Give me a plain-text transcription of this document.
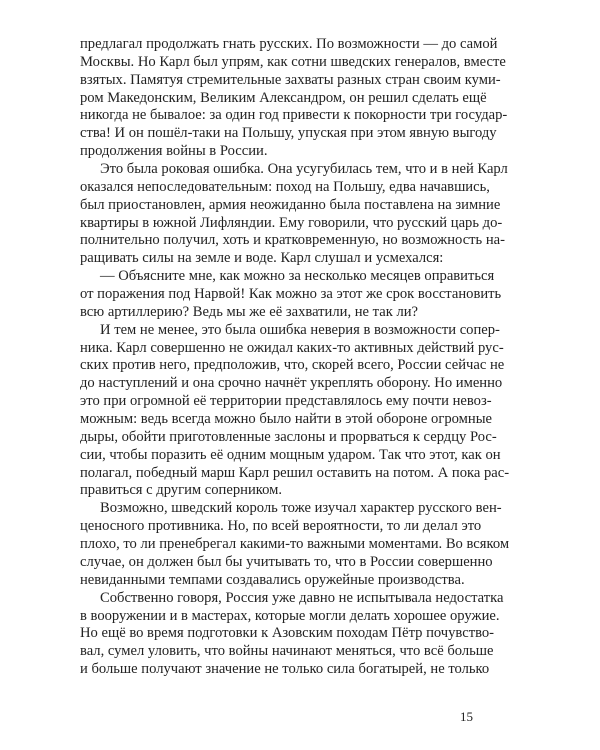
предлагал продолжать гнать русских. По возможности — до самой
Москвы. Но Карл был упрям, как сотни шведских генералов, вместе
взятых. Памятуя стремительные захваты разных стран своим куми-
ром Македонским, Великим Александром, он решил сделать ещё
никогда не бывалое: за один год привести к покорности три государ-
ства! И он пошёл-таки на Польшу, упуская при этом явную выгоду
продолжения войны в России.
Это была роковая ошибка. Она усугубилась тем, что и в ней Карл
оказался непоследовательным: поход на Польшу, едва начавшись,
был приостановлен, армия неожиданно была поставлена на зимние
квартиры в южной Лифляндии. Ему говорили, что русский царь до-
полнительно получил, хоть и кратковременную, но возможность на-
ращивать силы на земле и воде. Карл слушал и усмехался:
— Объясните мне, как можно за несколько месяцев оправиться
от поражения под Нарвой! Как можно за этот же срок восстановить
всю артиллерию? Ведь мы же её захватили, не так ли?
И тем не менее, это была ошибка неверия в возможности сопер-
ника. Карл совершенно не ожидал каких-то активных действий рус-
ских против него, предположив, что, скорей всего, России сейчас не
до наступлений и она срочно начнёт укреплять оборону. Но именно
это при огромной её территории представлялось ему почти невоз-
можным: ведь всегда можно было найти в этой обороне огромные
дыры, обойти приготовленные заслоны и прорваться к сердцу Рос-
сии, чтобы поразить её одним мощным ударом. Так что этот, как он
полагал, победный марш Карл решил оставить на потом. А пока рас-
правиться с другим соперником.
Возможно, шведский король тоже изучал характер русского вен-
ценосного противника. Но, по всей вероятности, то ли делал это
плохо, то ли пренебрегал какими-то важными моментами. Во всяком
случае, он должен был бы учитывать то, что в России совершенно
невиданными темпами создавались оружейные производства.
Собственно говоря, Россия уже давно не испытывала недостатка
в вооружении и в мастерах, которые могли делать хорошее оружие.
Но ещё во время подготовки к Азовским походам Пётр почувство-
вал, сумел уловить, что войны начинают меняться, что всё больше
и больше получают значение не только сила богатырей, не только
15
